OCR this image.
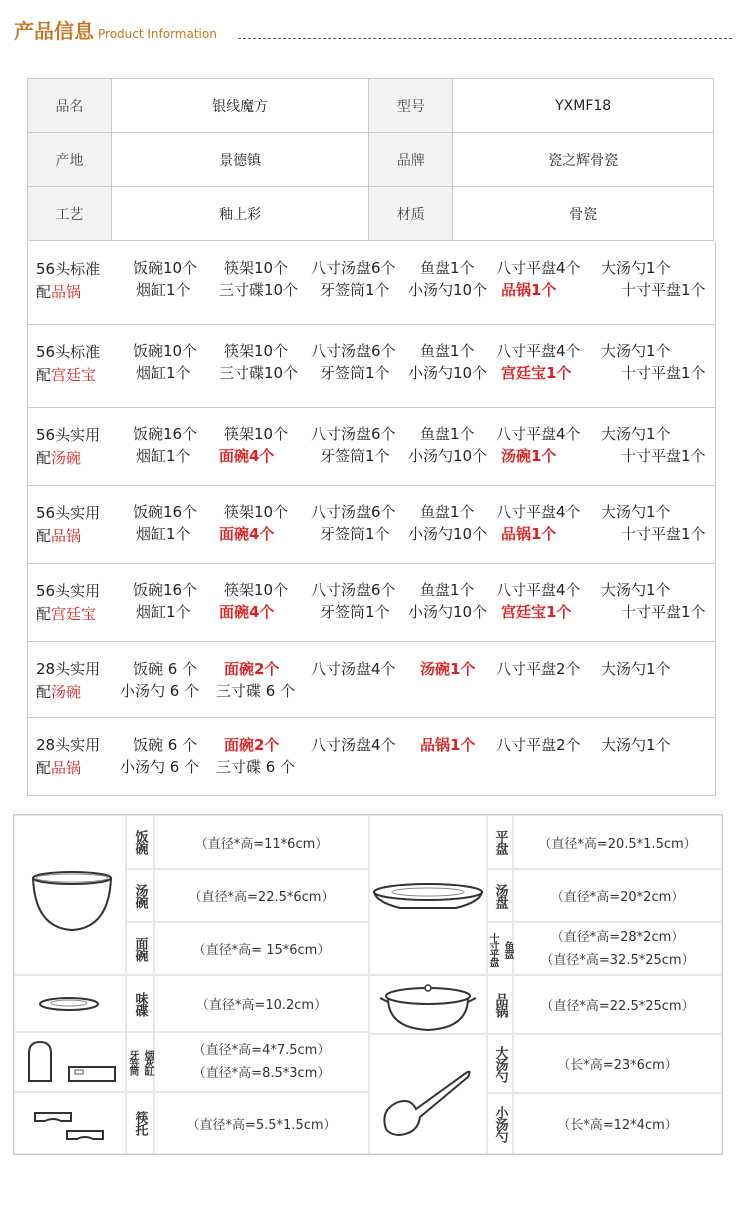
产品信息 Product Information
品名	银线魔方	型号	YXMF18
产地	景德镇	品牌	瓷之辉骨瓷
工艺	釉上彩	材质	骨瓷
56头标准
配品锅
饭碗10个 筷架10个 八寸汤盘6个 鱼盘1个 八寸平盘4个 大汤勺1个
烟缸1个 三寸碟10个 牙签筒1个 小汤勺10个 品锅1个	十寸平盘1个
56头标准
配宫廷宝
饭碗10个 筷架10个 八寸汤盘6个 鱼盘1个 八寸平盘4个 大汤勺1个
烟缸1个 三寸碟10个 牙签筒1个 小汤勺10个 宫廷宝1个	十寸平盘1个
56头实用
配汤碗
饭碗16个 筷架10个 八寸汤盘6个 鱼盘1个 八寸平盘4个 大汤勺1个
烟缸1个 面碗4个	牙签筒1个 小汤勺10个 汤碗1个	十寸平盘1个
56头实用
配品锅
饭碗16个 筷架10个 八寸汤盘6个 鱼盘1个 八寸平盘4个 大汤勺1个
烟缸1个 面碗4个	牙签筒1个 小汤勺10个 品锅1个	十寸平盘1个
56头实用
配宫廷宝
饭碗16个 筷架10个 八寸汤盘6个 鱼盘1个 八寸平盘4个 大汤勺1个
烟缸1个 面碗4个	牙签筒1个 小汤勺10个 宫廷宝1个	十寸平盘1个
28头实用
配汤碗
饭碗 6 个 面碗2个 八寸汤盘4个 汤碗1个 八寸平盘2个 大汤勺1个
小汤勺 6 个 三寸碟 6 个
28头实用
配品锅
饭碗 6 个 面碗2个 八寸汤盘4个 品锅1个 八寸平盘2个 大汤勺1个
小汤勺 6 个 三寸碟 6 个
饭碗	（直径*高=11*6cm）
汤碗	（直径*高=22.5*6cm）
面碗	（直径*高= 15*6cm）
味碟	（直径*高=10.2cm）
牙签筒 烟灰缸	（直径*高=4*7.5cm）
（直径*高=8.5*3cm）
筷托	（直径*高=5.5*1.5cm）
平盘	（直径*高=20.5*1.5cm）
汤盘	（直径*高=20*2cm）
十寸平盘 鱼盘
（直径*高=28*2cm）
（直径*高=32.5*25cm）
品锅	（直径*高=22.5*25cm）
大汤勺	（长*高=23*6cm）
小汤勺	（长*高=12*4cm）
